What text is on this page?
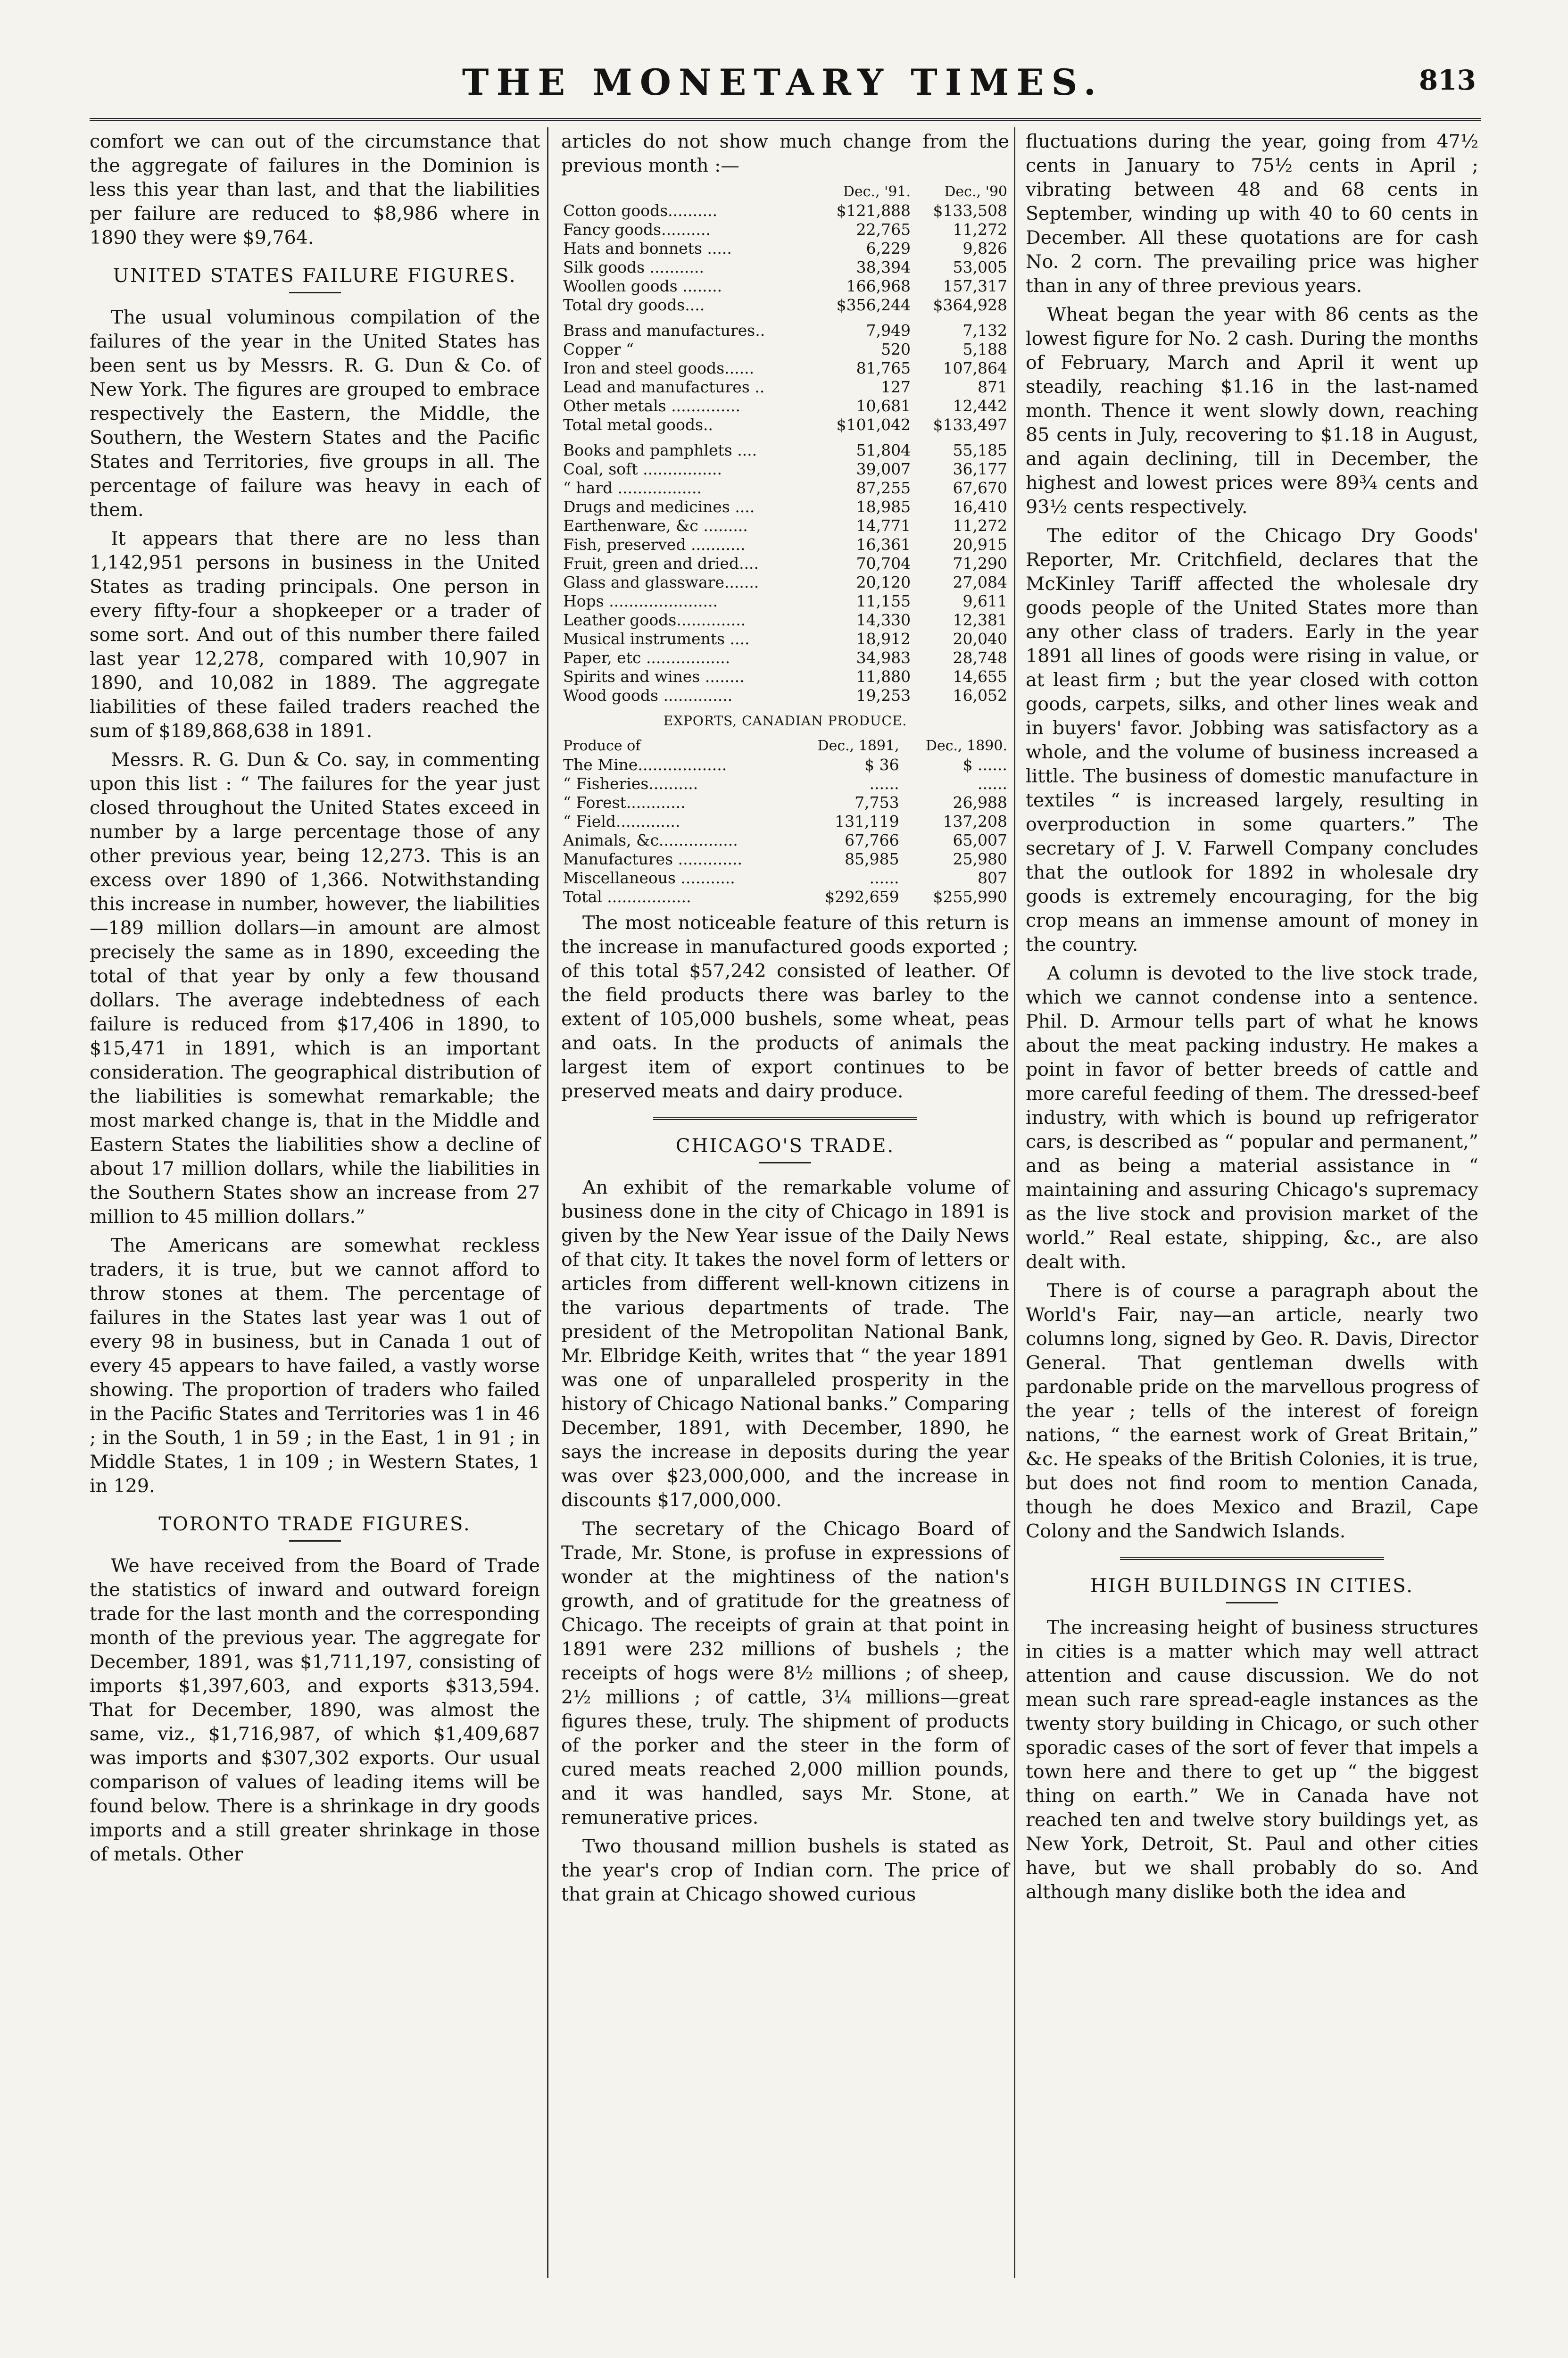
THE MONETARY TIMES.	813

comfort we can out of the circumstance that the aggregate of failures in the Dominion is less this year than last, and that the liabilities per failure are reduced to $8,986 where in 1890 they were $9,764.

UNITED STATES FAILURE FIGURES.

The usual voluminous compilation of the failures of the year in the United States has been sent us by Messrs. R. G. Dun & Co. of New York. The figures are grouped to embrace respectively the Eastern, the Middle, the Southern, the Western States and the Pacific States and Territories, five groups in all. The percentage of failure was heavy in each of them.

It appears that there are no less than 1,142,951 persons in business in the United States as trading principals. One person in every fifty-four a shopkeeper or a trader of some sort. And out of this number there failed last year 12,278, compared with 10,907 in 1890, and 10,082 in 1889. The aggregate liabilities of these failed traders reached the sum of $189,868,638 in 1891.

Messrs. R. G. Dun & Co. say, in commenting upon this list : “ The failures for the year just closed throughout the United States exceed in number by a large percentage those of any other previous year, being 12,273. This is an excess over 1890 of 1,366. Notwithstanding this increase in number, however, the liabilities—189 million dollars—in amount are almost precisely the same as in 1890, exceeding the total of that year by only a few thousand dollars. The average indebtedness of each failure is reduced from $17,406 in 1890, to $15,471 in 1891, which is an important consideration. The geographical distribution of the liabilities is somewhat remarkable; the most marked change is, that in the Middle and Eastern States the liabilities show a decline of about 17 million dollars, while the liabilities in the Southern States show an increase from 27 million to 45 million dollars.”

The Americans are somewhat reckless traders, it is true, but we cannot afford to throw stones at them. The percentage of failures in the States last year was 1 out of every 98 in business, but in Canada 1 out of every 45 appears to have failed, a vastly worse showing. The proportion of traders who failed in the Pacific States and Territories was 1 in 46 ; in the South, 1 in 59 ; in the East, 1 in 91 ; in Middle States, 1 in 109 ; in Western States, 1 in 129.

TORONTO TRADE FIGURES.

We have received from the Board of Trade the statistics of inward and outward foreign trade for the last month and the corresponding month of the previous year. The aggregate for December, 1891, was $1,711,197, consisting of imports $1,397,603, and exports $313,594. That for December, 1890, was almost the same, viz., $1,716,987, of which $1,409,687 was imports and $307,302 exports. Our usual comparison of values of leading items will be found below. There is a shrinkage in dry goods imports and a still greater shrinkage in those of metals. Other

articles do not show much change from the previous month :—

	Dec., '91.	Dec., '90
Cotton goods..........	$121,888	$133,508
Fancy goods..........	22,765	11,272
Hats and bonnets .....	6,229	9,826
Silk goods ...........	38,394	53,005
Woollen goods ........	166,968	157,317
Total dry goods....	$356,244	$364,928

Brass and manufactures..	7,949	7,132
Copper “	520	5,188
Iron and steel goods......	81,765	107,864
Lead and manufactures ..	127	871
Other metals ..............	10,681	12,442
Total metal goods..	$101,042	$133,497

Books and pamphlets ....	51,804	55,185
Coal, soft ................	39,007	36,177
“ hard .................	87,255	67,670
Drugs and medicines ....	18,985	16,410
Earthenware, &c .........	14,771	11,272
Fish, preserved ...........	16,361	20,915
Fruit, green and dried....	70,704	71,290
Glass and glassware.......	20,120	27,084
Hops ......................	11,155	9,611
Leather goods..............	14,330	12,381
Musical instruments ....	18,912	20,040
Paper, etc .................	34,983	28,748
Spirits and wines ........	11,880	14,655
Wood goods ..............	19,253	16,052
EXPORTS, CANADIAN PRODUCE.
Produce of	Dec., 1891,	Dec., 1890.
The Mine..................	$ 36	$ ......
“ Fisheries..........	......	......
“ Forest............	7,753	26,988
“ Field.............	131,119	137,208
Animals, &c................	67,766	65,007
Manufactures .............	85,985	25,980
Miscellaneous ...........	......	807
Total .................	$292,659	$255,990

The most noticeable feature of this return is the increase in manufactured goods exported ; of this total $57,242 consisted of leather. Of the field products there was barley to the extent of 105,000 bushels, some wheat, peas and oats. In the products of animals the largest item of export continues to be preserved meats and dairy produce.

CHICAGO'S TRADE.

An exhibit of the remarkable volume of business done in the city of Chicago in 1891 is given by the New Year issue of the Daily News of that city. It takes the novel form of letters or articles from different well-known citizens in the various departments of trade. The president of the Metropolitan National Bank, Mr. Elbridge Keith, writes that “ the year 1891 was one of unparalleled prosperity in the history of Chicago National banks.” Comparing December, 1891, with December, 1890, he says the increase in deposits during the year was over $23,000,000, and the increase in discounts $17,000,000.

The secretary of the Chicago Board of Trade, Mr. Stone, is profuse in expressions of wonder at the mightiness of the nation's growth, and of gratitude for the greatness of Chicago. The receipts of grain at that point in 1891 were 232 millions of bushels ; the receipts of hogs were 8½ millions ; of sheep, 2½ millions ; of cattle, 3¼ millions—great figures these, truly. The shipment of products of the porker and the steer in the form of cured meats reached 2,000 million pounds, and it was handled, says Mr. Stone, at remunerative prices.

Two thousand million bushels is stated as the year's crop of Indian corn. The price of that grain at Chicago showed curious

fluctuations during the year, going from 47½ cents in January to 75½ cents in April ; vibrating between 48 and 68 cents in September, winding up with 40 to 60 cents in December. All these quotations are for cash No. 2 corn. The prevailing price was higher than in any of three previous years.

Wheat began the year with 86 cents as the lowest figure for No. 2 cash. During the months of February, March and April it went up steadily, reaching $1.16 in the last-named month. Thence it went slowly down, reaching 85 cents in July, recovering to $1.18 in August, and again declining, till in December, the highest and lowest prices were 89¾ cents and 93½ cents respectively.

The editor of the Chicago Dry Goods' Reporter, Mr. Critchfield, declares that the McKinley Tariff affected the wholesale dry goods people of the United States more than any other class of traders. Early in the year 1891 all lines of goods were rising in value, or at least firm ; but the year closed with cotton goods, carpets, silks, and other lines weak and in buyers' favor. Jobbing was satisfactory as a whole, and the volume of business increased a little. The business of domestic manufacture in textiles “ is increased largely, resulting in overproduction in some quarters.” The secretary of J. V. Farwell Company concludes that the outlook for 1892 in wholesale dry goods is extremely encouraging, for the big crop means an immense amount of money in the country.

A column is devoted to the live stock trade, which we cannot condense into a sentence. Phil. D. Armour tells part of what he knows about the meat packing industry. He makes a point in favor of better breeds of cattle and more careful feeding of them. The dressed-beef industry, with which is bound up refrigerator cars, is described as “ popular and permanent,” and as being a material assistance in “ maintaining and assuring Chicago's supremacy as the live stock and provision market of the world.” Real estate, shipping, &c., are also dealt with.

There is of course a paragraph about the World's Fair, nay—an article, nearly two columns long, signed by Geo. R. Davis, Director General. That gentleman dwells with pardonable pride on the marvellous progress of the year ; tells of the interest of foreign nations, “ the earnest work of Great Britain,” &c. He speaks of the British Colonies, it is true, but does not find room to mention Canada, though he does Mexico and Brazil, Cape Colony and the Sandwich Islands.

HIGH BUILDINGS IN CITIES.

The increasing height of business structures in cities is a matter which may well attract attention and cause discussion. We do not mean such rare spread-eagle instances as the twenty story building in Chicago, or such other sporadic cases of the sort of fever that impels a town here and there to get up “ the biggest thing on earth.” We in Canada have not reached ten and twelve story buildings yet, as New York, Detroit, St. Paul and other cities have, but we shall probably do so. And although many dislike both the idea and
